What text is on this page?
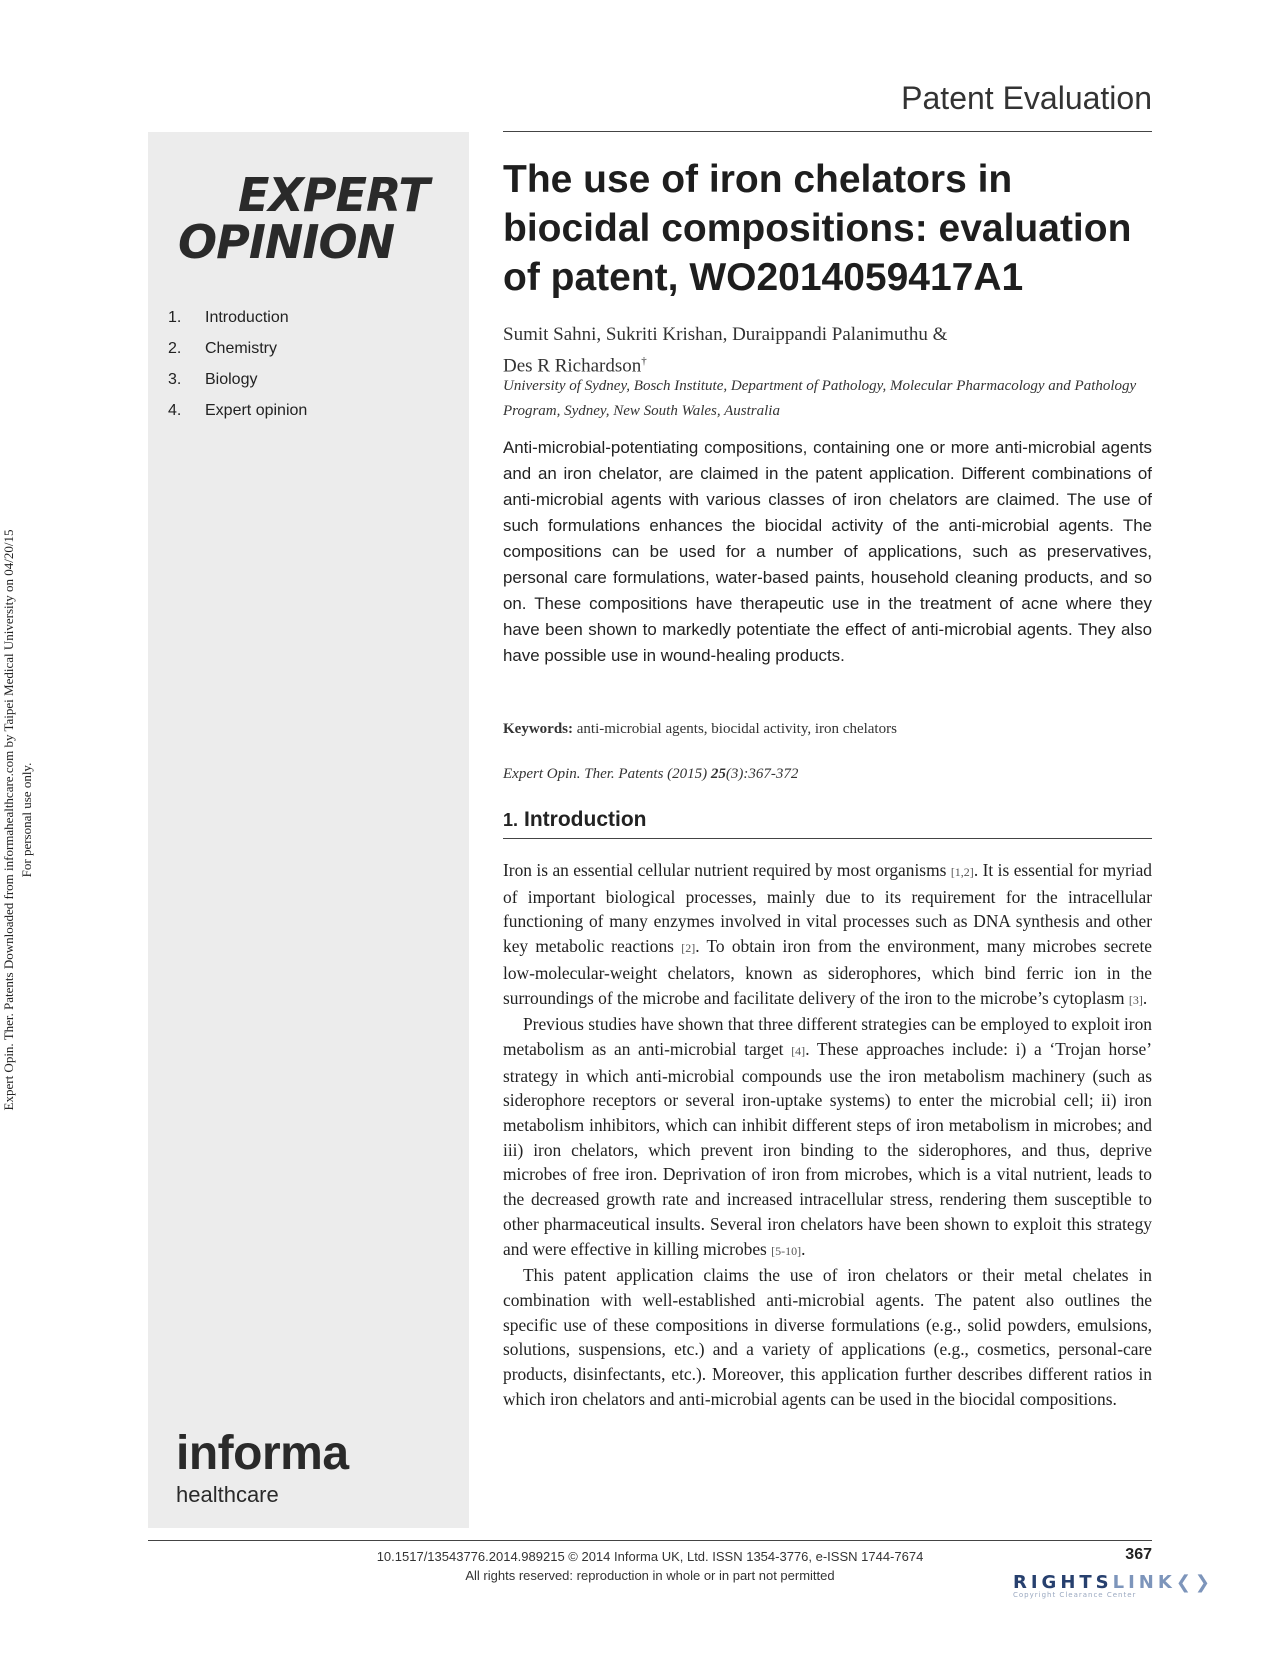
Patent Evaluation
EXPERT
OPINION
1.	Introduction
2.	Chemistry
3.	Biology
4.	Expert opinion
informa
healthcare
Expert Opin. Ther. Patents Downloaded from informahealthcare.com by Taipei Medical University on 04/20/15 For personal use only.
The use of iron chelators in biocidal compositions: evaluation of patent, WO2014059417A1
Sumit Sahni, Sukriti Krishan, Duraippandi Palanimuthu &
Des R Richardson†
University of Sydney, Bosch Institute, Department of Pathology, Molecular Pharmacology and Pathology Program, Sydney, New South Wales, Australia

Anti-microbial-potentiating compositions, containing one or more anti-microbial agents and an iron chelator, are claimed in the patent application. Different combinations of anti-microbial agents with various classes of iron chelators are claimed. The use of such formulations enhances the biocidal activity of the anti-microbial agents. The compositions can be used for a number of applications, such as preservatives, personal care formulations, water-based paints, household cleaning products, and so on. These compositions have therapeutic use in the treatment of acne where they have been shown to markedly potentiate the effect of anti-microbial agents. They also have possible use in wound-healing products.

Keywords: anti-microbial agents, biocidal activity, iron chelators
Expert Opin. Ther. Patents (2015) 25(3):367-372
1. Introduction

Iron is an essential cellular nutrient required by most organisms [1,2]. It is essential for myriad of important biological processes, mainly due to its requirement for the intracellular functioning of many enzymes involved in vital processes such as DNA synthesis and other key metabolic reactions [2]. To obtain iron from the environment, many microbes secrete low-molecular-weight chelators, known as siderophores, which bind ferric ion in the surroundings of the microbe and facilitate delivery of the iron to the microbe’s cytoplasm [3].

Previous studies have shown that three different strategies can be employed to exploit iron metabolism as an anti-microbial target [4]. These approaches include: i) a ‘Trojan horse’ strategy in which anti-microbial compounds use the iron metabolism machinery (such as siderophore receptors or several iron-uptake systems) to enter the microbial cell; ii) iron metabolism inhibitors, which can inhibit different steps of iron metabolism in microbes; and iii) iron chelators, which prevent iron binding to the siderophores, and thus, deprive microbes of free iron. Deprivation of iron from microbes, which is a vital nutrient, leads to the decreased growth rate and increased intracellular stress, rendering them susceptible to other pharmaceutical insults. Several iron chelators have been shown to exploit this strategy and were effective in killing microbes [5-10].

This patent application claims the use of iron chelators or their metal chelates in combination with well-established anti-microbial agents. The patent also outlines the specific use of these compositions in diverse formulations (e.g., solid powders, emulsions, solutions, suspensions, etc.) and a variety of applications (e.g., cosmetics, personal-care products, disinfectants, etc.). Moreover, this application further describes different ratios in which iron chelators and anti-microbial agents can be used in the biocidal compositions.

10.1517/13543776.2014.989215 © 2014 Informa UK, Ltd. ISSN 1354-3776, e-ISSN 1744-7674
All rights reserved: reproduction in whole or in part not permitted
367
RIGHTSLINK❮❯
Copyright Clearance Center
